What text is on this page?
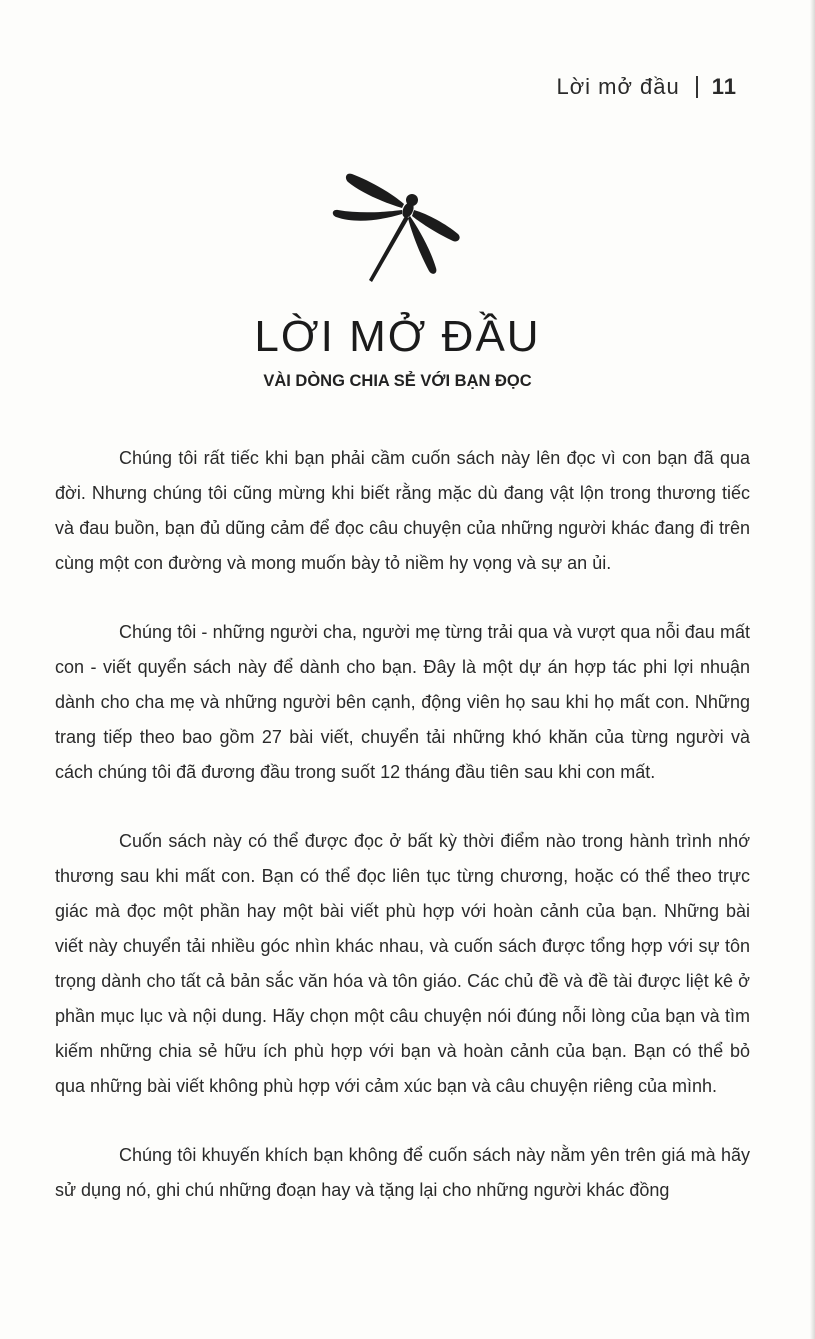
Lời mở đầu 11
LỜI MỞ ĐẦU
VÀI DÒNG CHIA SẺ VỚI BẠN ĐỌC

Chúng tôi rất tiếc khi bạn phải cầm cuốn sách này lên đọc vì con bạn đã qua đời. Nhưng chúng tôi cũng mừng khi biết rằng mặc dù đang vật lộn trong thương tiếc và đau buồn, bạn đủ dũng cảm để đọc câu chuyện của những người khác đang đi trên cùng một con đường và mong muốn bày tỏ niềm hy vọng và sự an ủi.

Chúng tôi - những người cha, người mẹ từng trải qua và vượt qua nỗi đau mất con - viết quyển sách này để dành cho bạn. Đây là một dự án hợp tác phi lợi nhuận dành cho cha mẹ và những người bên cạnh, động viên họ sau khi họ mất con. Những trang tiếp theo bao gồm 27 bài viết, chuyển tải những khó khăn của từng người và cách chúng tôi đã đương đầu trong suốt 12 tháng đầu tiên sau khi con mất.

Cuốn sách này có thể được đọc ở bất kỳ thời điểm nào trong hành trình nhớ thương sau khi mất con. Bạn có thể đọc liên tục từng chương, hoặc có thể theo trực giác mà đọc một phần hay một bài viết phù hợp với hoàn cảnh của bạn. Những bài viết này chuyển tải nhiều góc nhìn khác nhau, và cuốn sách được tổng hợp với sự tôn trọng dành cho tất cả bản sắc văn hóa và tôn giáo. Các chủ đề và đề tài được liệt kê ở phần mục lục và nội dung. Hãy chọn một câu chuyện nói đúng nỗi lòng của bạn và tìm kiếm những chia sẻ hữu ích phù hợp với bạn và hoàn cảnh của bạn. Bạn có thể bỏ qua những bài viết không phù hợp với cảm xúc bạn và câu chuyện riêng của mình.

Chúng tôi khuyến khích bạn không để cuốn sách này nằm yên trên giá mà hãy sử dụng nó, ghi chú những đoạn hay và tặng lại cho những người khác đồng
